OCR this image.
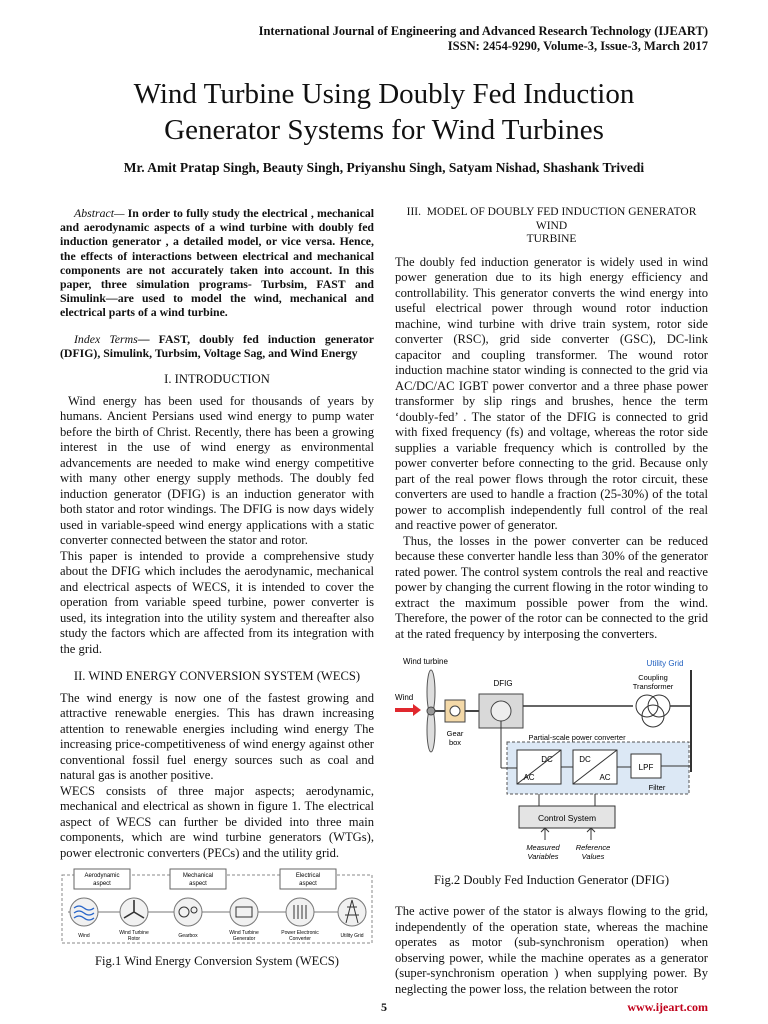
International Journal of Engineering and Advanced Research Technology (IJEART)
ISSN: 2454-9290, Volume-3, Issue-3, March 2017
Wind Turbine Using Doubly Fed Induction
Generator Systems for Wind Turbines
Mr. Amit Pratap Singh, Beauty Singh, Priyanshu Singh, Satyam Nishad, Shashank Trivedi

Abstract— In order to fully study the electrical , mechanical and aerodynamic aspects of a wind turbine with doubly fed induction generator , a detailed model, or vice versa. Hence, the effects of interactions between electrical and mechanical components are not accurately taken into account. In this paper, three simulation programs- Turbsim, FAST and Simulink—are used to model the wind, mechanical and electrical parts of a wind turbine.

Index Terms— FAST, doubly fed induction generator (DFIG), Simulink, Turbsim, Voltage Sag, and Wind Energy

I. INTRODUCTION

Wind energy has been used for thousands of years by humans. Ancient Persians used wind energy to pump water before the birth of Christ. Recently, there has been a growing interest in the use of wind energy as environmental advancements are needed to make wind energy competitive with many other energy supply methods. The doubly fed induction generator (DFIG) is an induction generator with both stator and rotor windings. The DFIG is now days widely used in variable-speed wind energy applications with a static converter connected between the stator and rotor.

This paper is intended to provide a comprehensive study about the DFIG which includes the aerodynamic, mechanical and electrical aspects of WECS, it is intended to cover the operation from variable speed turbine, power converter is used, its integration into the utility system and thereafter also study the factors which are affected from its integration with the grid.

II. WIND ENERGY CONVERSION SYSTEM (WECS)

The wind energy is now one of the fastest growing and attractive renewable energies. This has drawn increasing attention to renewable energies including wind energy The increasing price-competitiveness of wind energy against other conventional fossil fuel energy sources such as coal and natural gas is another positive.

WECS consists of three major aspects; aerodynamic, mechanical and electrical as shown in figure 1. The electrical aspect of WECS can further be divided into three main components, which are wind turbine generators (WTGs), power electronic converters (PECs) and the utility grid.

Aerodynamic
aspect
Mechanical
aspect
Electrical
aspect
Wind	Wind Turbine
Rotor	Gearbox	Wind Turbine
Generator
Power Electronic
Converter	Utility Grid
Fig.1 Wind Energy Conversion System (WECS)
III. MODEL OF DOUBLY FED INDUCTION GENERATOR WIND
TURBINE

The doubly fed induction generator is widely used in wind power generation due to its high energy efficiency and controllability. This generator converts the wind energy into useful electrical power through wound rotor induction machine, wind turbine with drive train system, rotor side converter (RSC), grid side converter (GSC), DC-link capacitor and coupling transformer. The wound rotor induction machine stator winding is connected to the grid via AC/DC/AC IGBT power convertor and a three phase power transformer by slip rings and brushes, hence the term ‘doubly-fed’ . The stator of the DFIG is connected to grid with fixed frequency (fs) and voltage, whereas the rotor side supplies a variable frequency which is controlled by the power converter before connecting to the grid. Because only part of the real power flows through the rotor circuit, these converters are used to handle a fraction (25-30%) of the total power to accomplish independently full control of the real and reactive power of generator.

Thus, the losses in the power converter can be reduced because these converter handle less than 30% of the generator rated power. The control system controls the real and reactive power by changing the current flowing in the rotor winding to extract the maximum possible power from the wind. Therefore, the power of the rotor can be connected to the grid at the rated frequency by interposing the converters.

Wind turbine	Utility Grid
Wind
Gear
box
DFIG
Coupling
Transformer
Partial-scale power converter
DC
AC
DC
AC
LPF
Filter
Control System
Measured
Variables
Reference
Values
Fig.2 Doubly Fed Induction Generator (DFIG)

The active power of the stator is always flowing to the grid, independently of the operation state, whereas the machine operates as motor (sub-synchronism operation) when observing power, while the machine operates as a generator (super-synchronism operation ) when supplying power. By neglecting the power loss, the relation between the rotor

5	www.ijeart.com
